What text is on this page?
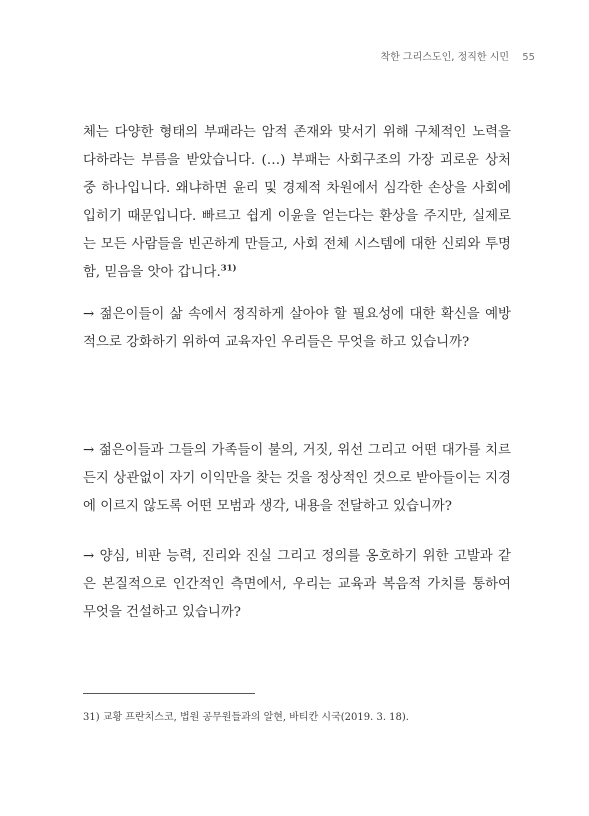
착한 그리스도인, 정직한 시민 55

체는 다양한 형태의 부패라는 암적 존재와 맞서기 위해 구체적인 노력을 다하라는 부름을 받았습니다. (…) 부패는 사회구조의 가장 괴로운 상처 중 하나입니다. 왜냐하면 윤리 및 경제적 차원에서 심각한 손상을 사회에 입히기 때문입니다. 빠르고 쉽게 이윤을 얻는다는 환상을 주지만, 실제로는 모든 사람들을 빈곤하게 만들고, 사회 전체 시스템에 대한 신뢰와 투명함, 믿음을 앗아 갑니다.$^{31)}$

→ 젊은이들이 삶 속에서 정직하게 살아야 할 필요성에 대한 확신을 예방적으로 강화하기 위하여 교육자인 우리들은 무엇을 하고 있습니까?

→ 젊은이들과 그들의 가족들이 불의, 거짓, 위선 그리고 어떤 대가를 치르든지 상관없이 자기 이익만을 찾는 것을 정상적인 것으로 받아들이는 지경에 이르지 않도록 어떤 모범과 생각, 내용을 전달하고 있습니까?

→ 양심, 비판 능력, 진리와 진실 그리고 정의를 옹호하기 위한 고발과 같은 본질적으로 인간적인 측면에서, 우리는 교육과 복음적 가치를 통하여 무엇을 건설하고 있습니까?

31) 교황 프란치스코, 법원 공무원들과의 알현, 바티칸 시국(2019. 3. 18).
